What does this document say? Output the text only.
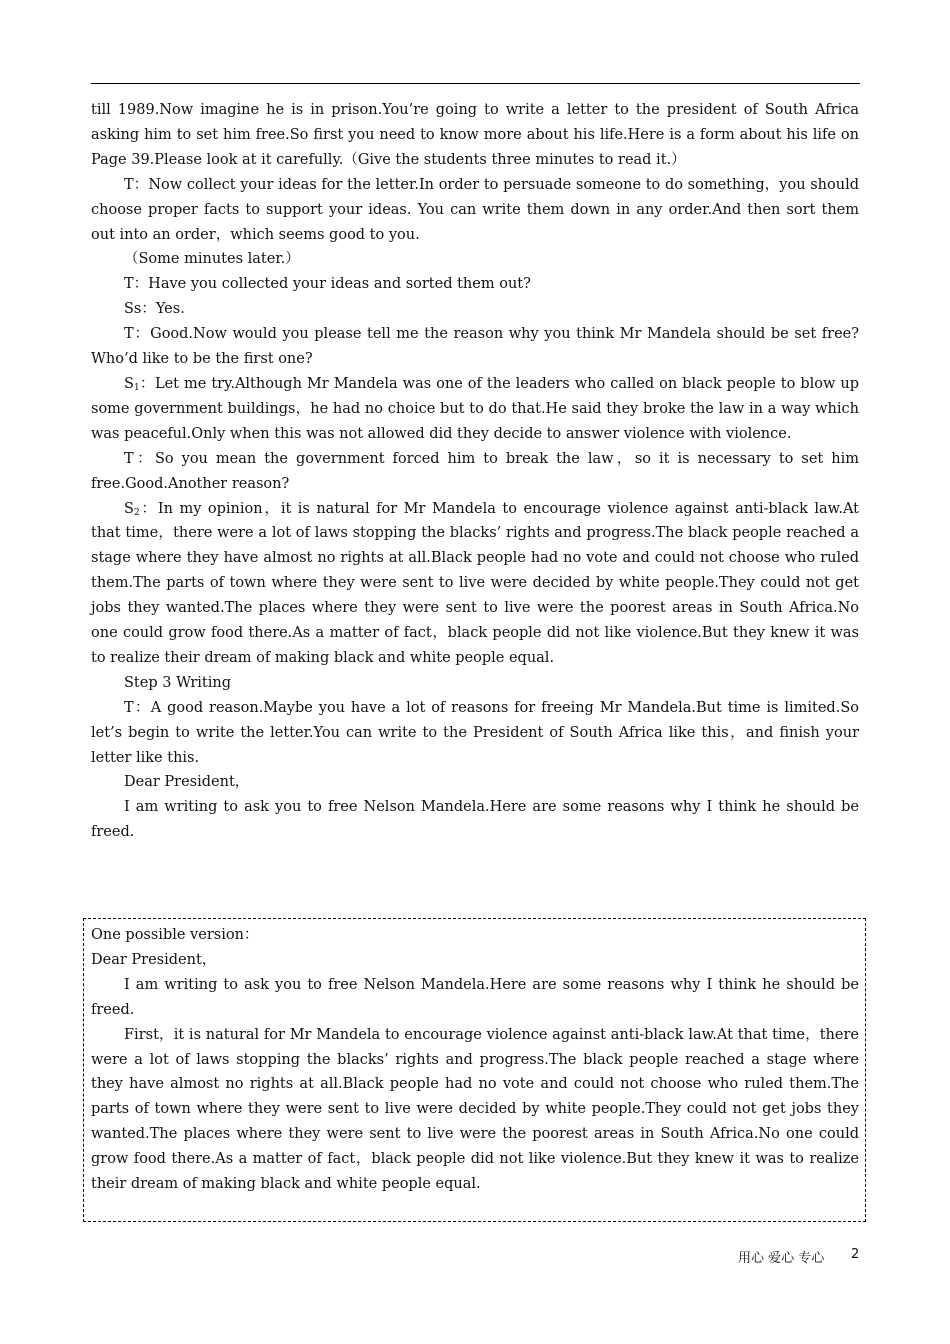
till 1989.Now imagine he is in prison.You’re going to write a letter to the president of South Africa asking him to set him free.So first you need to know more about his life.Here is a form about his life on Page 39.Please look at it carefully.（Give the students three minutes to read it.）

T：Now collect your ideas for the letter.In order to persuade someone to do something，you should choose proper facts to support your ideas. You can write them down in any order.And then sort them out into an order，which seems good to you.

（Some minutes later.）

T：Have you collected your ideas and sorted them out?

Ss：Yes.

T：Good.Now would you please tell me the reason why you think Mr Mandela should be set free? Who’d like to be the first one?

$S_1$：Let me try.Although Mr Mandela was one of the leaders who called on black people to blow up some government buildings，he had no choice but to do that.He said they broke the law in a way which was peaceful.Only when this was not allowed did they decide to answer violence with violence.

T：So you mean the government forced him to break the law，so it is necessary to set him free.Good.Another reason?

$S_2$：In my opinion，it is natural for Mr Mandela to encourage violence against anti-black law.At that time，there were a lot of laws stopping the blacks’ rights and progress.The black people reached a stage where they have almost no rights at all.Black people had no vote and could not choose who ruled them.The parts of town where they were sent to live were decided by white people.They could not get jobs they wanted.The places where they were sent to live were the poorest areas in South Africa.No one could grow food there.As a matter of fact，black people did not like violence.But they knew it was to realize their dream of making black and white people equal.

Step 3 Writing

T：A good reason.Maybe you have a lot of reasons for freeing Mr Mandela.But time is limited.So let’s begin to write the letter.You can write to the President of South Africa like this，and finish your letter like this.

Dear President，

I am writing to ask you to free Nelson Mandela.Here are some reasons why I think he should be freed.

One possible version：

Dear President，

I am writing to ask you to free Nelson Mandela.Here are some reasons why I think he should be freed.

First，it is natural for Mr Mandela to encourage violence against anti-black law.At that time，there were a lot of laws stopping the blacks’ rights and progress.The black people reached a stage where they have almost no rights at all.Black people had no vote and could not choose who ruled them.The parts of town where they were sent to live were decided by white people.They could not get jobs they wanted.The places where they were sent to live were the poorest areas in South Africa.No one could grow food there.As a matter of fact，black people did not like violence.But they knew it was to realize their dream of making black and white people equal.

用心 爱心 专心 2
